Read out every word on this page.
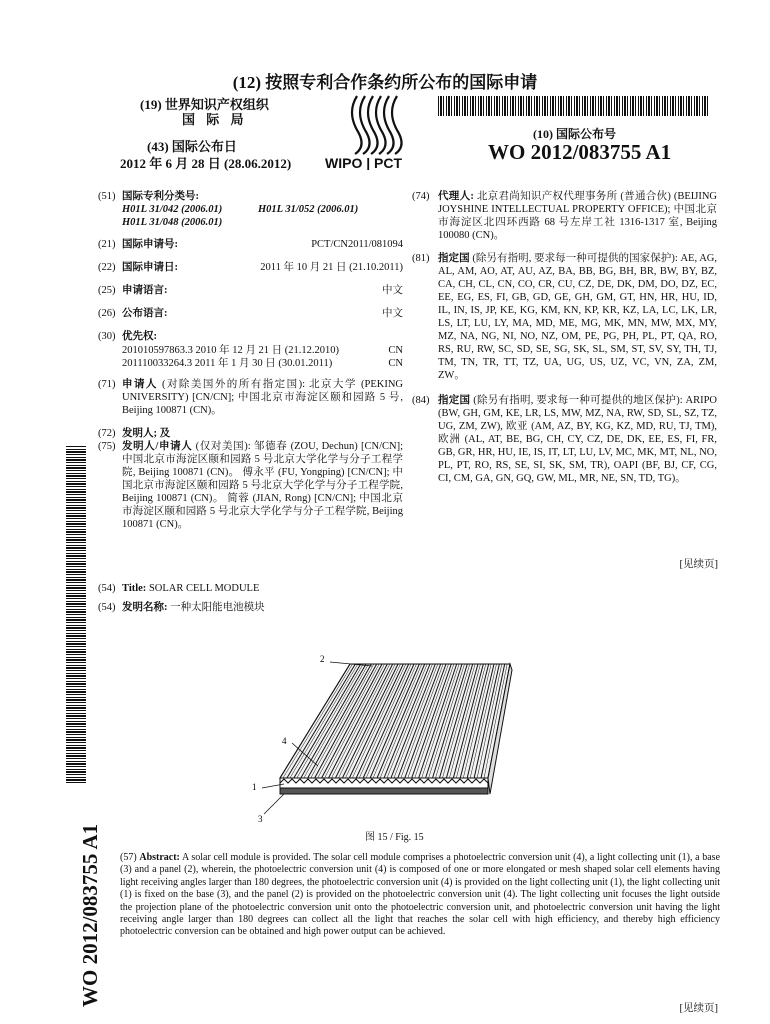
(12) 按照专利合作条约所公布的国际申请
(19) 世界知识产权组织
国 际 局
(43) 国际公布日
2012 年 6 月 28 日 (28.06.2012)
(10) 国际公布号
WO 2012/083755 A1
WIPO | PCT
(51) 国际专利分类号:
H01L 31/042 (2006.01)	H01L 31/052 (2006.01)
H01L 31/048 (2006.01)
(21) 国际申请号:	PCT/CN2011/081094
(22) 国际申请日:	2011 年 10 月 21 日 (21.10.2011)
(25) 申请语言:	中文
(26) 公布语言:	中文
(30) 优先权:
201010597863.3 2010 年 12 月 21 日 (21.12.2010)	CN
201110033264.3 2011 年 1 月 30 日 (30.01.2011)	CN
(71) 申请人 (对除美国外的所有指定国): 北京大学 (PEKING UNIVERSITY) [CN/CN]; 中国北京市海淀区颐和园路 5 号, Beijing 100871 (CN)。
(72) 发明人; 及
(75) 发明人/申请人 (仅对美国): 邹德春 (ZOU, Dechun) [CN/CN]; 中国北京市海淀区颐和园路 5 号北京大学化学与分子工程学院, Beijing 100871 (CN)。 傅永平 (FU, Yongping) [CN/CN]; 中国北京市海淀区颐和园路 5 号北京大学化学与分子工程学院, Beijing 100871 (CN)。 简蓉 (JIAN, Rong) [CN/CN]; 中国北京市海淀区颐和园路 5 号北京大学化学与分子工程学院, Beijing 100871 (CN)。
(74) 代理人: 北京君尚知识产权代理事务所 (普通合伙) (BEIJING JOYSHINE INTELLECTUAL PROPERTY OFFICE); 中国北京市海淀区北四环西路 68 号左岸工社 1316-1317 室, Beijing 100080 (CN)。
(81) 指定国 (除另有指明, 要求每一种可提供的国家保护): AE, AG, AL, AM, AO, AT, AU, AZ, BA, BB, BG, BH, BR, BW, BY, BZ, CA, CH, CL, CN, CO, CR, CU, CZ, DE, DK, DM, DO, DZ, EC, EE, EG, ES, FI, GB, GD, GE, GH, GM, GT, HN, HR, HU, ID, IL, IN, IS, JP, KE, KG, KM, KN, KP, KR, KZ, LA, LC, LK, LR, LS, LT, LU, LY, MA, MD, ME, MG, MK, MN, MW, MX, MY, MZ, NA, NG, NI, NO, NZ, OM, PE, PG, PH, PL, PT, QA, RO, RS, RU, RW, SC, SD, SE, SG, SK, SL, SM, ST, SV, SY, TH, TJ, TM, TN, TR, TT, TZ, UA, UG, US, UZ, VC, VN, ZA, ZM, ZW。
(84) 指定国 (除另有指明, 要求每一种可提供的地区保护): ARIPO (BW, GH, GM, KE, LR, LS, MW, MZ, NA, RW, SD, SL, SZ, TZ, UG, ZM, ZW), 欧亚 (AM, AZ, BY, KG, KZ, MD, RU, TJ, TM), 欧洲 (AL, AT, BE, BG, CH, CY, CZ, DE, DK, EE, ES, FI, FR, GB, GR, HR, HU, IE, IS, IT, LT, LU, LV, MC, MK, MT, NL, NO, PL, PT, RO, RS, SE, SI, SK, SM, TR), OAPI (BF, BJ, CF, CG, CI, CM, GA, GN, GQ, GW, ML, MR, NE, SN, TD, TG)。
[见续页]
WO 2012/083755 A1
(54) Title: SOLAR CELL MODULE
(54) 发明名称: 一种太阳能电池模块
2
4
1
3
图 15 / Fig. 15
(57) Abstract: A solar cell module is provided. The solar cell module comprises a photoelectric conversion unit (4), a light collecting unit (1), a base (3) and a panel (2), wherein, the photoelectric conversion unit (4) is composed of one or more elongated or mesh shaped solar cell elements having light receiving angles larger than 180 degrees, the photoelectric conversion unit (4) is provided on the light collecting unit (1), the light collecting unit (1) is fixed on the base (3), and the panel (2) is provided on the photoelectric conversion unit (4). The light collecting unit focuses the light outside the projection plane of the photoelectric conversion unit onto the photoelectric conversion unit, and photoelectric conversion unit having the light receiving angle larger than 180 degrees can collect all the light that reaches the solar cell with high efficiency, and thereby high efficiency photoelectric conversion can be obtained and high power output can be achieved.
[见续页]
